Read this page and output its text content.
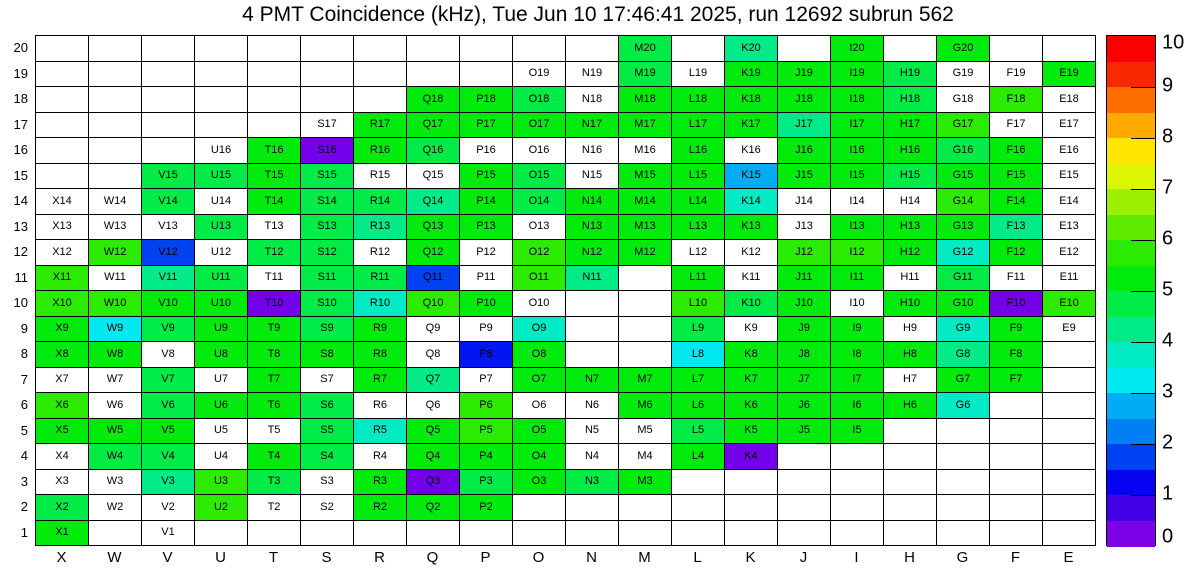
4 PMT Coincidence (kHz), Tue Jun 10 17:46:41 2025, run 12692 subrun 562
M20	K20	I20	G20
O19	N19	M19	L19	K19	J19	I19	H19	G19	F19	E19
Q18	P18	O18	N18	M18	L18	K18	J18	I18	H18	G18	F18	E18
S17	R17	Q17	P17	O17	N17	M17	L17	K17	J17	I17	H17	G17	F17	E17
U16	T16	S16	R16	Q16	P16	O16	N16	M16	L16	K16	J16	I16	H16	G16	F16	E16
V15	U15	T15	S15	R15	Q15	P15	O15	N15	M15	L15	K15	J15	I15	H15	G15	F15	E15
X14	W14	V14	U14	T14	S14	R14	Q14	P14	O14	N14	M14	L14	K14	J14	I14	H14	G14	F14	E14
X13	W13	V13	U13	T13	S13	R13	Q13	P13	O13	N13	M13	L13	K13	J13	I13	H13	G13	F13	E13
X12	W12	V12	U12	T12	S12	R12	Q12	P12	O12	N12	M12	L12	K12	J12	I12	H12	G12	F12	E12
X11	W11	V11	U11	T11	S11	R11	Q11	P11	O11	N11	L11	K11	J11	I11	H11	G11	F11	E11
X10	W10	V10	U10	T10	S10	R10	Q10	P10	O10	L10	K10	J10	I10	H10	G10	F10	E10
X9	W9	V9	U9	T9	S9	R9	Q9	P9	O9	L9	K9	J9	I9	H9	G9	F9	E9
X8	W8	V8	U8	T8	S8	R8	Q8	P8	O8	L8	K8	J8	I8	H8	G8	F8
X7	W7	V7	U7	T7	S7	R7	Q7	P7	O7	N7	M7	L7	K7	J7	I7	H7	G7	F7
X6	W6	V6	U6	T6	S6	R6	Q6	P6	O6	N6	M6	L6	K6	J6	I6	H6	G6
X5	W5	V5	U5	T5	S5	R5	Q5	P5	O5	N5	M5	L5	K5	J5	I5
X4	W4	V4	U4	T4	S4	R4	Q4	P4	O4	N4	M4	L4	K4
X3	W3	V3	U3	T3	S3	R3	Q3	P3	O3	N3	M3
X2	W2	V2	U2	T2	S2	R2	Q2	P2
X1	V1
20
19
18
17
16
15
14
13
12
11
10
9
8
7
6
5
4
3
2
1
X	W	V	U	T	S	R	Q	P	O	N	M	L	K	J	I	H	G	F	E
0
1
2
3
4
5
6
7
8
9
10
